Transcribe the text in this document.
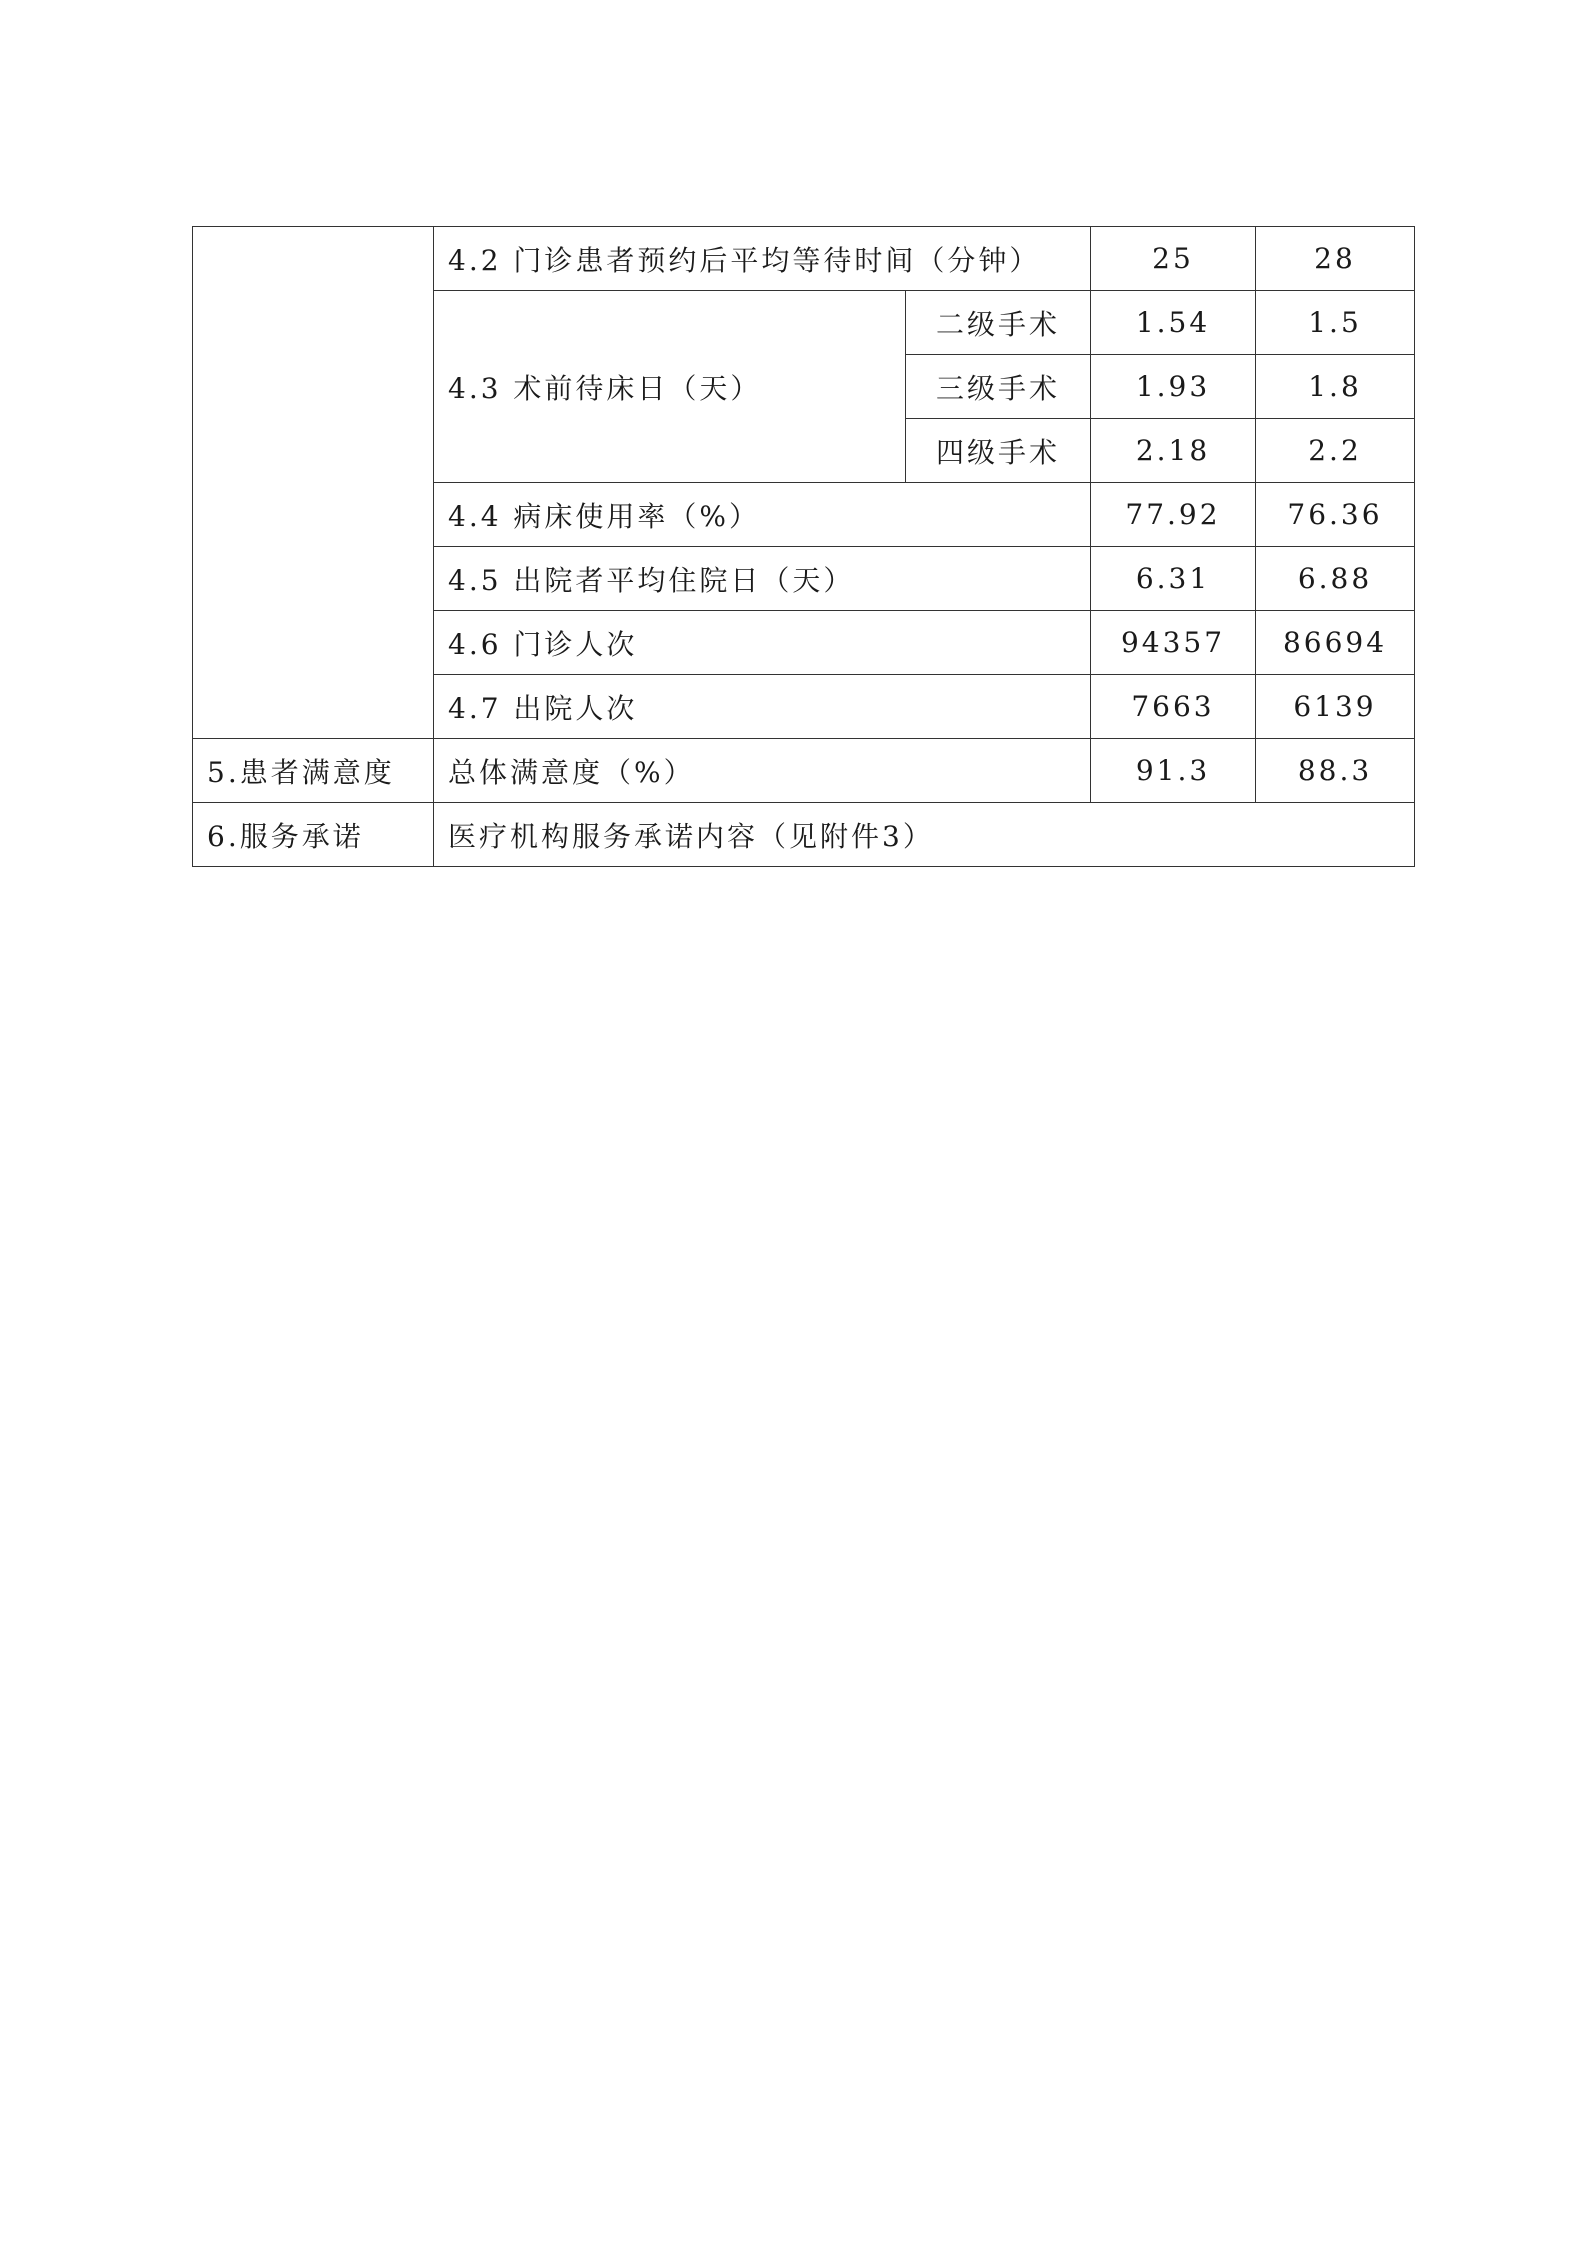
	4.2 门诊患者预约后平均等待时间（分钟）		25	28
	4.3 术前待床日（天）	二级手术	1.54	1.5
		三级手术	1.93	1.8
		四级手术	2.18	2.2
	4.4 病床使用率（%）		77.92	76.36
	4.5 出院者平均住院日（天）		6.31	6.88
	4.6 门诊人次		94357	86694
	4.7 出院人次		7663	6139
5.患者满意度	总体满意度（%）		91.3	88.3
6.服务承诺	医疗机构服务承诺内容（见附件3）			
